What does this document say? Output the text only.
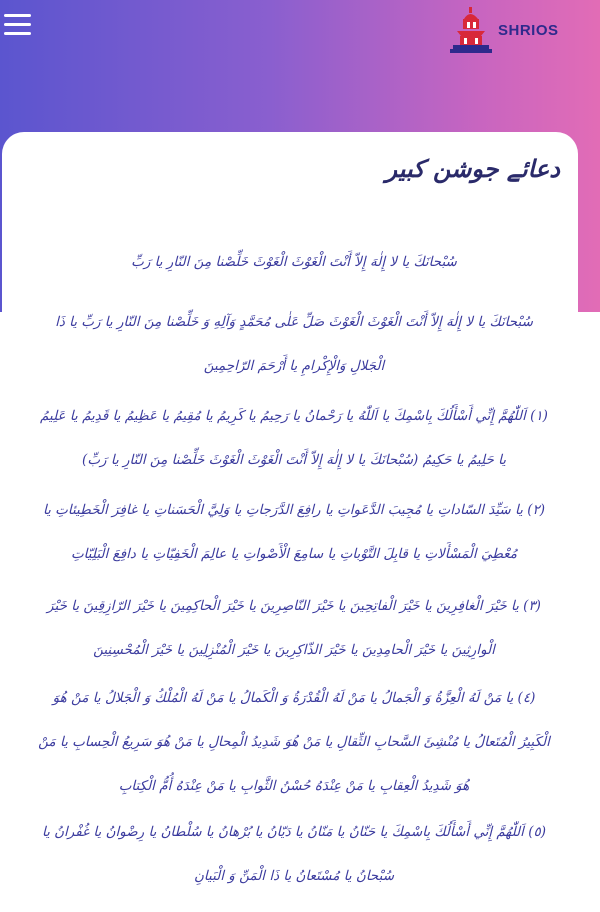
SHRIOS
دعائے جوشن کبیر

سُبْحانَكَ يا لا إِلٰهَ إِلاّ أَنْتَ الْغَوْثَ الْغَوْثَ خَلِّصْنا مِنَ النّارِ يا رَبِّ

سُبْحانَكَ يا لا إِلٰهَ إِلاّ أَنْتَ الْغَوْثَ الْغَوْثَ صَلِّ عَلٰى مُحَمَّدٍ وَآلِهِ وَ خَلِّصْنا مِنَ النّارِ يا رَبِّ يا ذَا الْجَلالِ وَالْإِكْرامِ يا أَرْحَمَ الرّاحِمِينَ

(١) اَللّٰهُمَّ إِنِّي أَسْأَلُكَ بِاسْمِكَ يا اَللّٰهُ يا رَحْمانُ يا رَحِيمُ يا كَرِيمُ يا مُقِيمُ يا عَظِيمُ يا قَدِيمُ يا عَلِيمُ يا حَلِيمُ يا حَكِيمُ (سُبْحانَكَ يا لا إِلٰهَ إِلاّ أَنْتَ الْغَوْثَ الْغَوْثَ خَلِّصْنا مِنَ النّارِ يا رَبِّ)

(٢) يا سَيِّدَ السّاداتِ يا مُجِيبَ الدَّعَواتِ يا رافِعَ الدَّرَجاتِ يا وَلِيَّ الْحَسَناتِ يا غافِرَ الْخَطِيئاتِ يا مُعْطِيَ الْمَسْأَلاتِ يا قابِلَ التَّوْباتِ يا سامِعَ الْأَصْواتِ يا عالِمَ الْخَفِيّاتِ يا دافِعَ الْبَلِيّاتِ

(٣) يا خَيْرَ الْغافِرِينَ يا خَيْرَ الْفاتِحِينَ يا خَيْرَ النّاصِرِينَ يا خَيْرَ الْحاكِمِينَ يا خَيْرَ الرّازِقِينَ يا خَيْرَ الْوارِثِينَ يا خَيْرَ الْحامِدِينَ يا خَيْرَ الذّاكِرِينَ يا خَيْرَ الْمُنْزِلِينَ يا خَيْرَ الْمُحْسِنِينَ

(٤) يا مَنْ لَهُ الْعِزَّةُ وَ الْجَمالُ يا مَنْ لَهُ الْقُدْرَةُ وَ الْكَمالُ يا مَنْ لَهُ الْمُلْكُ وَ الْجَلالُ يا مَنْ هُوَ الْكَبِيرُ الْمُتَعالُ يا مُنْشِئَ السَّحابِ الثِّقالِ يا مَنْ هُوَ شَدِيدُ الْمِحالِ يا مَنْ هُوَ سَرِيعُ الْحِسابِ يا مَنْ هُوَ شَدِيدُ الْعِقابِ يا مَنْ عِنْدَهُ حُسْنُ الثَّوابِ يا مَنْ عِنْدَهُ أُمُّ الْكِتابِ

(٥) اَللّٰهُمَّ إِنِّي أَسْأَلُكَ بِاسْمِكَ يا حَنّانُ يا مَنّانُ يا دَيّانُ يا بُرْهانُ يا سُلْطانُ يا رِضْوانُ يا غُفْرانُ يا سُبْحانُ يا مُسْتَعانُ يا ذَا الْمَنِّ وَ الْبَيانِ
